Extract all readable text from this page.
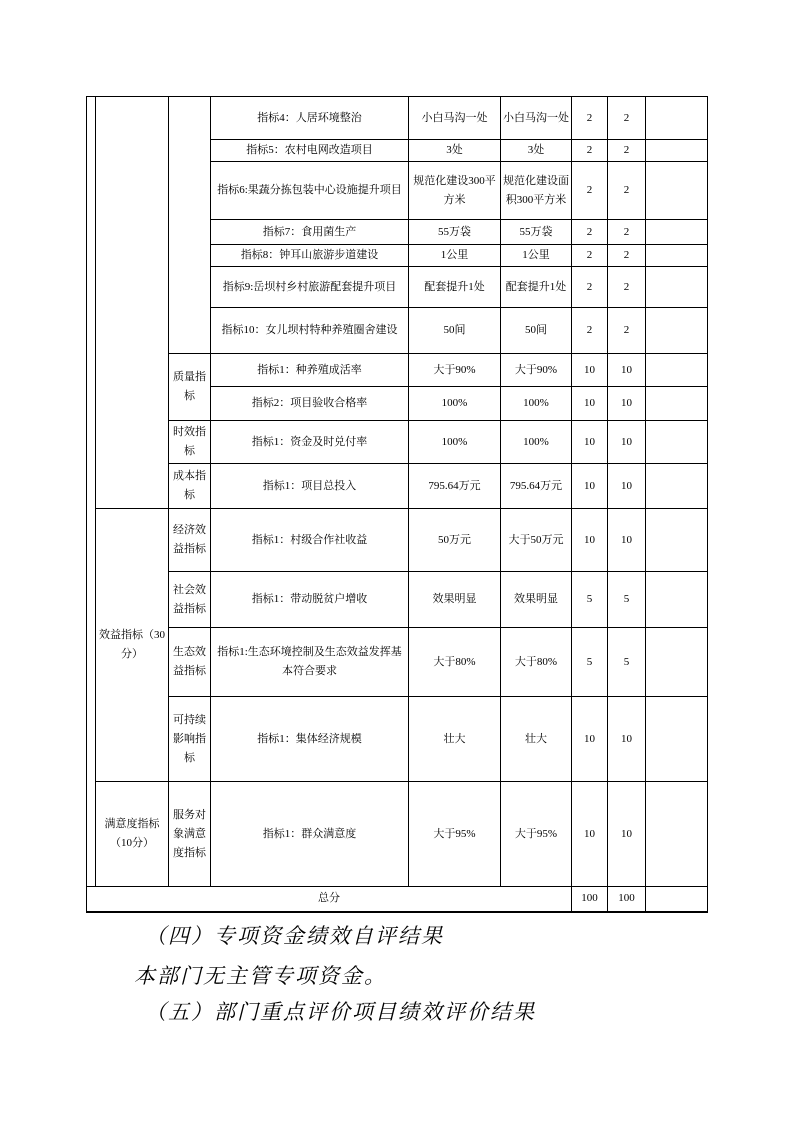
			指标4：人居环境整治	小白马沟一处	小白马沟一处	2	2	
			指标5：农村电网改造项目	3处	3处	2	2	
			指标6:果蔬分拣包装中心设施提升项目	规范化建设300平方米	规范化建设面积300平方米	2	2	
			指标7：食用菌生产	55万袋	55万袋	2	2	
			指标8：钟耳山旅游步道建设	1公里	1公里	2	2	
			指标9:岳坝村乡村旅游配套提升项目	配套提升1处	配套提升1处	2	2	
			指标10：女儿坝村特种养殖圈舍建设	50间	50间	2	2	
		质量指标	指标1：种养殖成活率	大于90%	大于90%	10	10	
			指标2：项目验收合格率	100%	100%	10	10	
		时效指标	指标1：资金及时兑付率	100%	100%	10	10	
		成本指标	指标1：项目总投入	795.64万元	795.64万元	10	10	
	效益指标（30分）	经济效益指标	指标1：村级合作社收益	50万元	大于50万元	10	10	
		社会效益指标	指标1：带动脱贫户增收	效果明显	效果明显	5	5	
		生态效益指标	指标1:生态环境控制及生态效益发挥基本符合要求	大于80%	大于80%	5	5	
		可持续影响指标	指标1：集体经济规模	壮大	壮大	10	10	
	满意度指标（10分）	服务对象满意度指标	指标1：群众满意度	大于95%	大于95%	10	10	
总分						100	100	
（四）专项资金绩效自评结果
本部门无主管专项资金。
（五）部门重点评价项目绩效评价结果
